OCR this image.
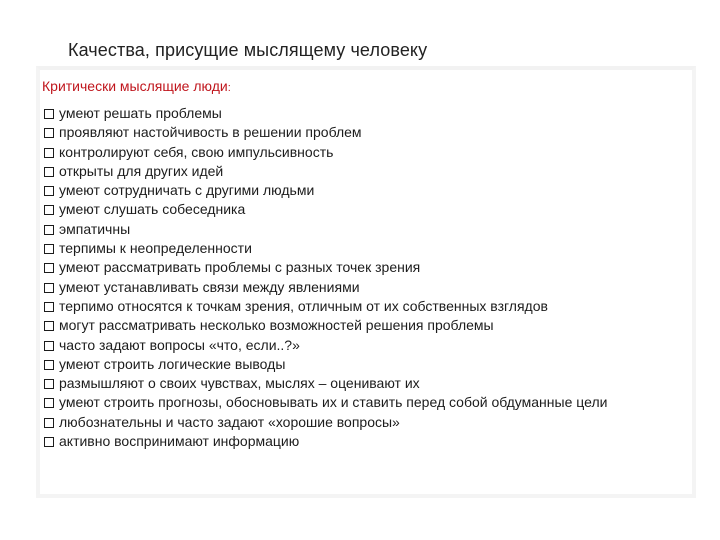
Качества, присущие мыслящему человеку
Критически мыслящие люди:
умеют решать проблемы
проявляют настойчивость в решении проблем
контролируют себя, свою импульсивность
открыты для других идей
умеют сотрудничать с другими людьми
умеют слушать собеседника
эмпатичны
терпимы к неопределенности
умеют рассматривать проблемы с разных точек зрения
умеют устанавливать связи между явлениями
терпимо относятся к точкам зрения, отличным от их собственных взглядов
могут рассматривать несколько возможностей решения проблемы
часто задают вопросы «что, если..?»
умеют строить логические выводы
размышляют о своих чувствах, мыслях – оценивают их
умеют строить прогнозы, обосновывать их и ставить перед собой обдуманные цели
любознательны и часто задают «хорошие вопросы»
активно воспринимают информацию
